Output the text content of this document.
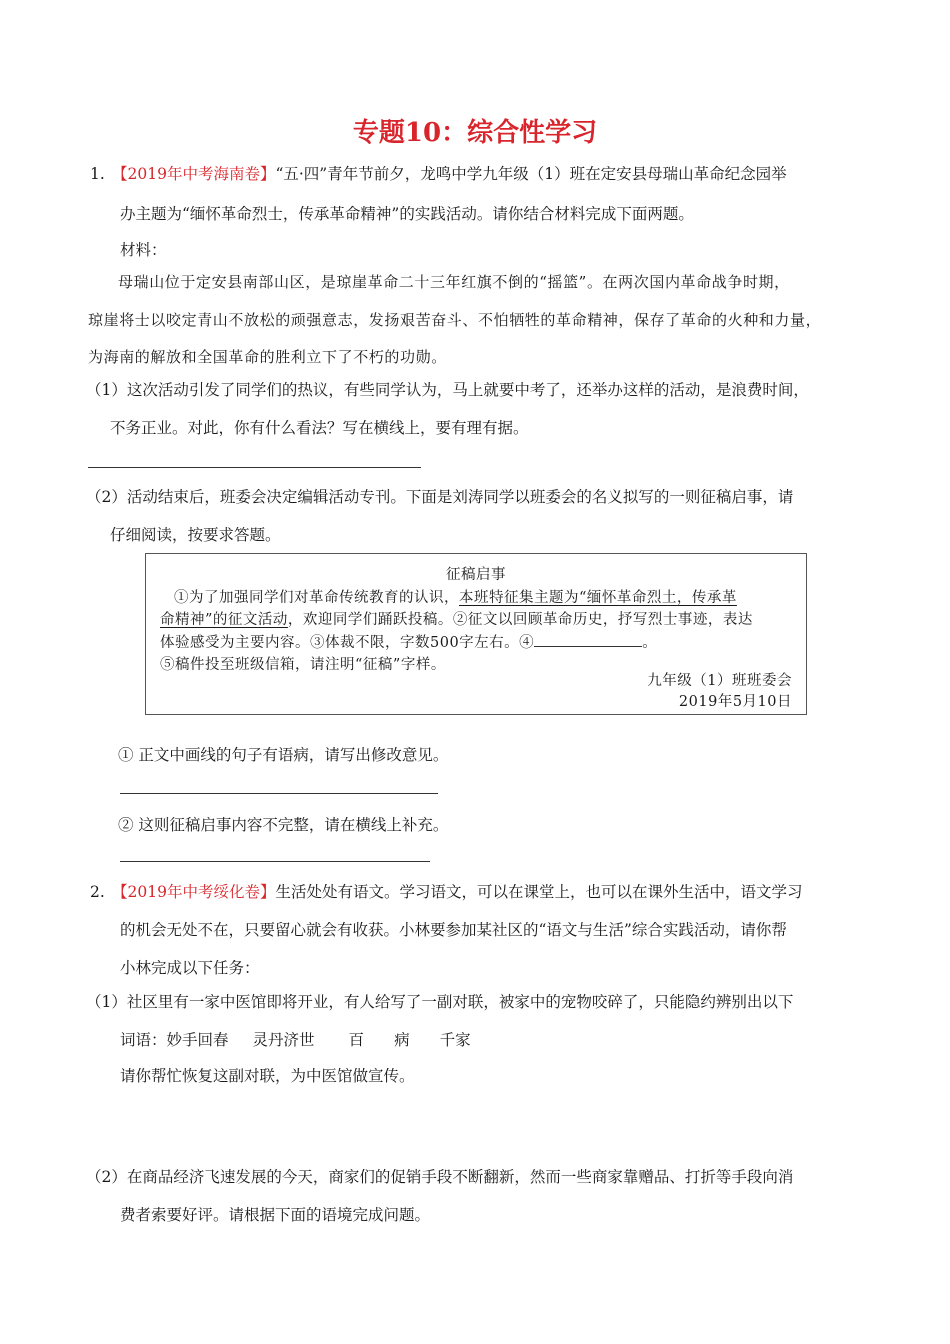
专题10：综合性学习
1. 【2019年中考海南卷】“五·四”青年节前夕，龙鸣中学九年级（1）班在定安县母瑞山革命纪念园举
办主题为“缅怀革命烈士，传承革命精神”的实践活动。请你结合材料完成下面两题。
材料：
母瑞山位于定安县南部山区，是琼崖革命二十三年红旗不倒的“摇篮”。在两次国内革命战争时期，
琼崖将士以咬定青山不放松的顽强意志，发扬艰苦奋斗、不怕牺牲的革命精神，保存了革命的火种和力量，
为海南的解放和全国革命的胜利立下了不朽的功勋。
（1）这次活动引发了同学们的热议，有些同学认为，马上就要中考了，还举办这样的活动，是浪费时间，
不务正业。对此，你有什么看法？写在横线上，要有理有据。
（2）活动结束后，班委会决定编辑活动专刊。下面是刘涛同学以班委会的名义拟写的一则征稿启事，请
仔细阅读，按要求答题。
征稿启事
①为了加强同学们对革命传统教育的认识，本班特征集主题为“缅怀革命烈土，传承革
命精神”的征文活动，欢迎同学们踊跃投稿。②征文以回顾革命历史，抒写烈士事迹，表达
体验感受为主要内容。③体裁不限，字数500字左右。④	。
⑤稿件投至班级信箱，请注明“征稿”字样。
九年级（1）班班委会
2019年5月10日
① 正文中画线的句子有语病，请写出修改意见。
② 这则征稿启事内容不完整，请在横线上补充。
2. 【2019年中考绥化卷】生活处处有语文。学习语文，可以在课堂上，也可以在课外生活中，语文学习
的机会无处不在，只要留心就会有收获。小林要参加某社区的“语文与生活”综合实践活动，请你帮
小林完成以下任务：
（1）社区里有一家中医馆即将开业，有人给写了一副对联，被家中的宠物咬碎了，只能隐约辨别出以下
词语：妙手回春 灵丹济世 百 病 千家
请你帮忙恢复这副对联，为中医馆做宣传。
（2）在商品经济飞速发展的今天，商家们的促销手段不断翻新，然而一些商家靠赠品、打折等手段向消
费者索要好评。请根据下面的语境完成问题。
